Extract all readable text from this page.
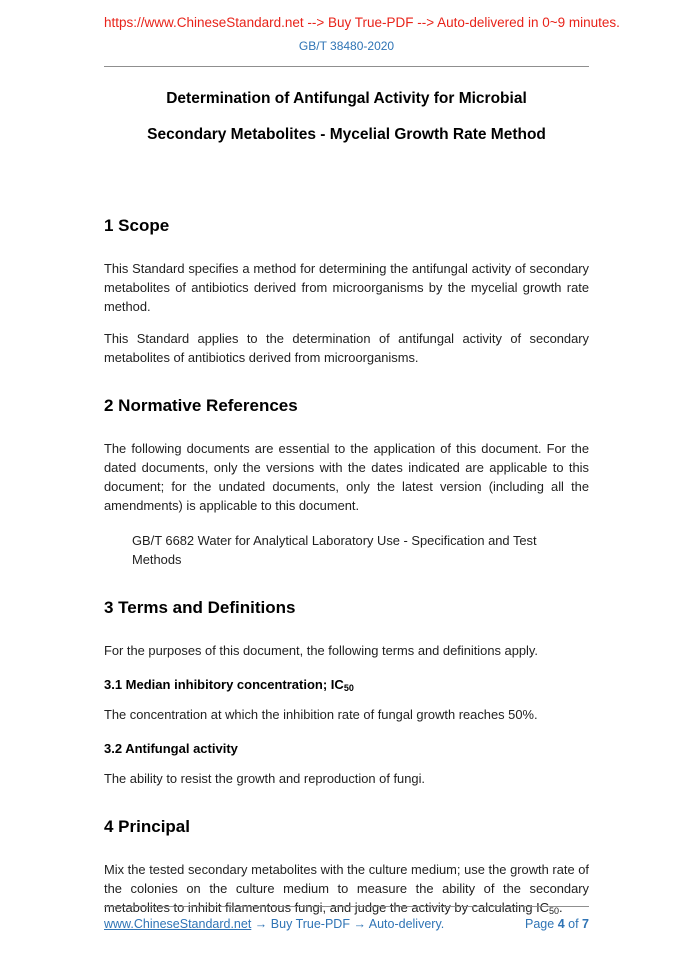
https://www.ChineseStandard.net --> Buy True-PDF --> Auto-delivered in 0~9 minutes.
GB/T 38480-2020
Determination of Antifungal Activity for Microbial
Secondary Metabolites - Mycelial Growth Rate Method
1 Scope

This Standard specifies a method for determining the antifungal activity of secondary metabolites of antibiotics derived from microorganisms by the mycelial growth rate method.

This Standard applies to the determination of antifungal activity of secondary metabolites of antibiotics derived from microorganisms.

2 Normative References

The following documents are essential to the application of this document. For the dated documents, only the versions with the dates indicated are applicable to this document; for the undated documents, only the latest version (including all the amendments) is applicable to this document.

GB/T 6682 Water for Analytical Laboratory Use - Specification and Test Methods

3 Terms and Definitions

For the purposes of this document, the following terms and definitions apply.

3.1 Median inhibitory concentration; $IC_{50}$

The concentration at which the inhibition rate of fungal growth reaches 50%.

3.2 Antifungal activity

The ability to resist the growth and reproduction of fungi.

4 Principal

Mix the tested secondary metabolites with the culture medium; use the growth rate of the colonies on the culture medium to measure the ability of the secondary metabolites to inhibit filamentous fungi, and judge the activity by calculating $IC_{50}$.

www.ChineseStandard.net → Buy True-PDF → Auto-delivery.	Page 4 of 7
